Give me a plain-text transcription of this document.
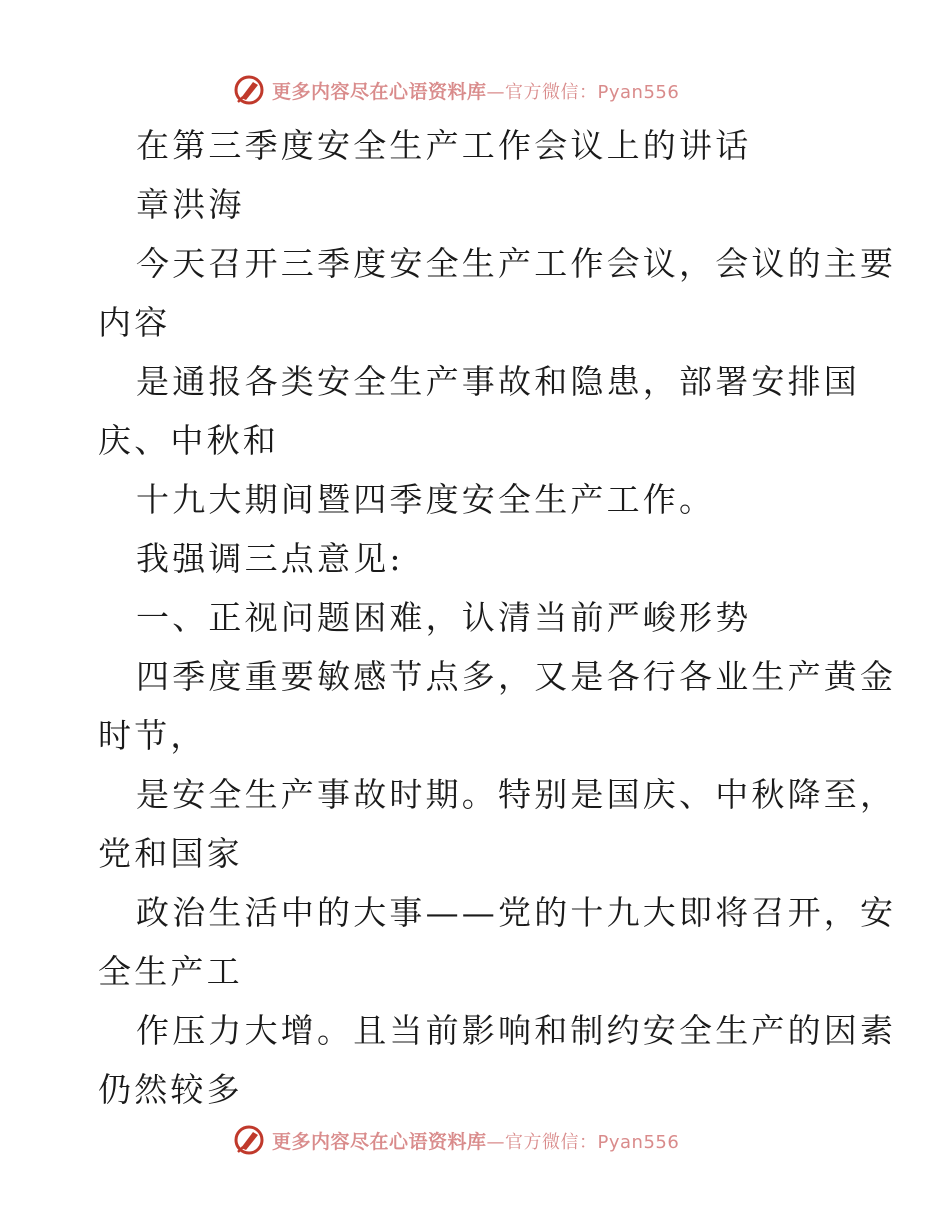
更多内容尽在心语资料库—官方微信：Pyan556
在第三季度安全生产工作会议上的讲话
章洪海
今天召开三季度安全生产工作会议，会议的主要
内容
是通报各类安全生产事故和隐患，部署安排国
庆、中秋和
十九大期间暨四季度安全生产工作。
我强调三点意见:
一、正视问题困难，认清当前严峻形势
四季度重要敏感节点多，又是各行各业生产黄金
时节，
是安全生产事故时期。特别是国庆、中秋降至，
党和国家
政治生活中的大事——党的十九大即将召开，安
全生产工
作压力大增。且当前影响和制约安全生产的因素
仍然较多
更多内容尽在心语资料库—官方微信：Pyan556
